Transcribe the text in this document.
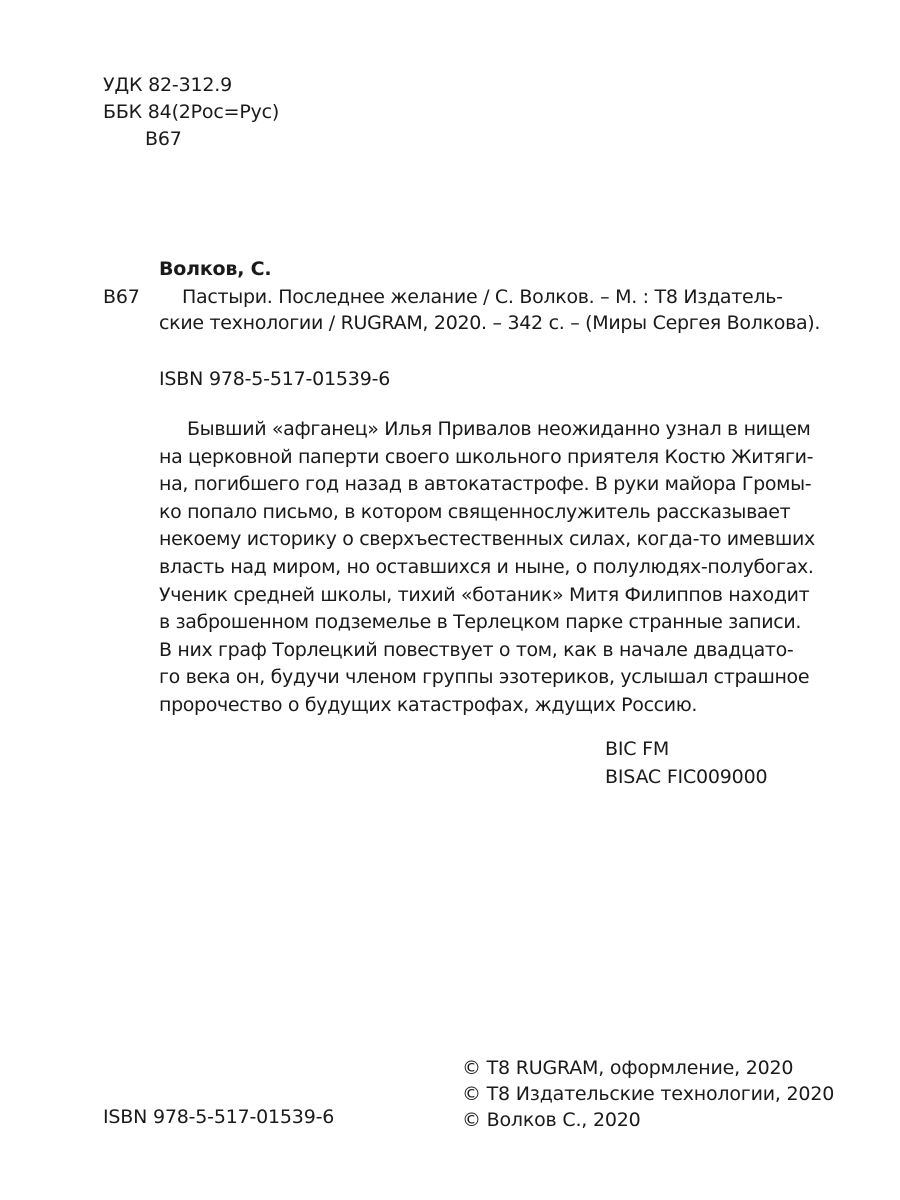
УДК 82-312.9
ББК 84(2Рос=Рус)
В67
Волков, С.
В67	Пастыри. Последнее желание / С. Волков. – М. : Т8 Издатель-
ские технологии / RUGRAM, 2020. – 342 с. – (Миры Сергея Волкова).
ISBN 978-5-517-01539-6
Бывший «афганец» Илья Привалов неожиданно узнал в нищем
на церковной паперти своего школьного приятеля Костю Житяги-
на, погибшего год назад в автокатастрофе. В руки майора Громы-
ко попало письмо, в котором священнослужитель рассказывает
некоему историку о сверхъестественных силах, когда-то имевших
власть над миром, но оставшихся и ныне, о полулюдях-полубогах.
Ученик средней школы, тихий «ботаник» Митя Филиппов находит
в заброшенном подземелье в Терлецком парке странные записи.
В них граф Торлецкий повествует о том, как в начале двадцато-
го века он, будучи членом группы эзотериков, услышал страшное
пророчество о будущих катастрофах, ждущих Россию.
BIC FM
BISAC FIC009000
ISBN 978-5-517-01539-6
© Т8 RUGRAM, оформление, 2020
© Т8 Издательские технологии, 2020
© Волков С., 2020
